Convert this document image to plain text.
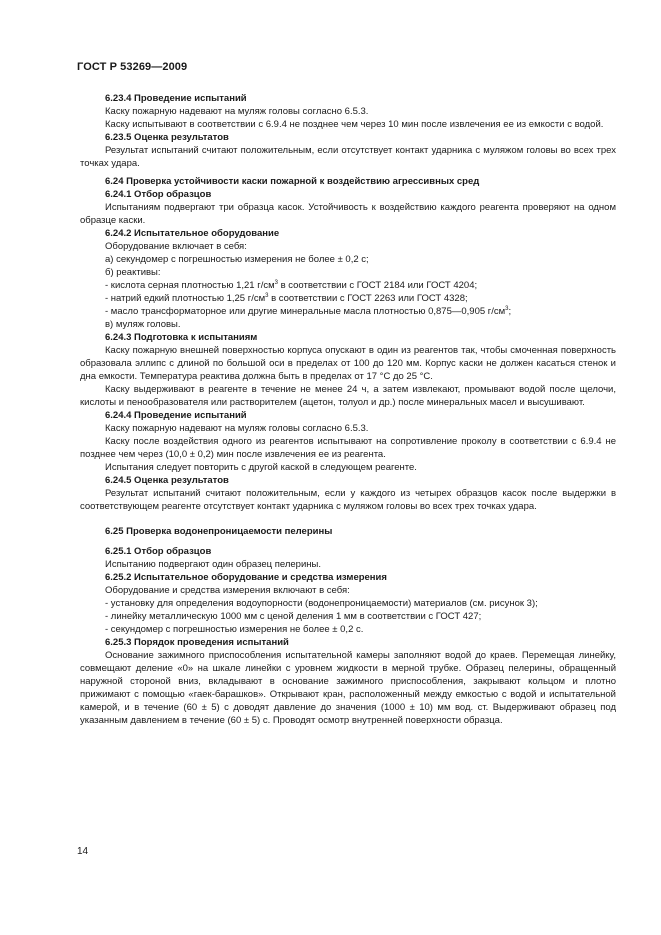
ГОСТ Р 53269—2009

6.23.4 Проведение испытаний

Каску пожарную надевают на муляж головы согласно 6.5.3.

Каску испытывают в соответствии с 6.9.4 не позднее чем через 10 мин после извлечения ее из емкости с водой.

6.23.5 Оценка результатов

Результат испытаний считают положительным, если отсутствует контакт ударника с муляжом головы во всех трех точках удара.

6.24 Проверка устойчивости каски пожарной к воздействию агрессивных сред

6.24.1 Отбор образцов

Испытаниям подвергают три образца касок. Устойчивость к воздействию каждого реагента проверяют на одном образце каски.

6.24.2 Испытательное оборудование

Оборудование включает в себя:

а) секундомер с погрешностью измерения не более ± 0,2 с;

б) реактивы:

- кислота серная плотностью 1,21 $г/см^3$ в соответствии с ГОСТ 2184 или ГОСТ 4204;

- натрий едкий плотностью 1,25 $г/см^3$ в соответствии с ГОСТ 2263 или ГОСТ 4328;

- масло трансформаторное или другие минеральные масла плотностью 0,875—0,905 $г/см^3$;

в) муляж головы.

6.24.3 Подготовка к испытаниям

Каску пожарную внешней поверхностью корпуса опускают в один из реагентов так, чтобы смоченная поверхность образовала эллипс с длиной по большой оси в пределах от 100 до 120 мм. Корпус каски не должен касаться стенок и дна емкости. Температура реактива должна быть в пределах от 17 °С до 25 °С.

Каску выдерживают в реагенте в течение не менее 24 ч, а затем извлекают, промывают водой после щелочи, кислоты и пенообразователя или растворителем (ацетон, толуол и др.) после минеральных масел и высушивают.

6.24.4 Проведение испытаний

Каску пожарную надевают на муляж головы согласно 6.5.3.

Каску после воздействия одного из реагентов испытывают на сопротивление проколу в соответствии с 6.9.4 не позднее чем через (10,0 ± 0,2) мин после извлечения ее из реагента.

Испытания следует повторить с другой каской в следующем реагенте.

6.24.5 Оценка результатов

Результат испытаний считают положительным, если у каждого из четырех образцов касок после выдержки в соответствующем реагенте отсутствует контакт ударника с муляжом головы во всех трех точках удара.

6.25 Проверка водонепроницаемости пелерины

6.25.1 Отбор образцов

Испытанию подвергают один образец пелерины.

6.25.2 Испытательное оборудование и средства измерения

Оборудование и средства измерения включают в себя:

- установку для определения водоупорности (водонепроницаемости) материалов (см. рисунок 3);

- линейку металлическую 1000 мм с ценой деления 1 мм в соответствии с ГОСТ 427;

- секундомер с погрешностью измерения не более ± 0,2 с.

6.25.3 Порядок проведения испытаний

Основание зажимного приспособления испытательной камеры заполняют водой до краев. Перемещая линейку, совмещают деление «0» на шкале линейки с уровнем жидкости в мерной трубке. Образец пелерины, обращенный наружной стороной вниз, вкладывают в основание зажимного приспособления, закрывают кольцом и плотно прижимают с помощью «гаек-барашков». Открывают кран, расположенный между емкостью с водой и испытательной камерой, и в течение (60 ± 5) с доводят давление до значения (1000 ± 10) мм вод. ст. Выдерживают образец под указанным давлением в течение (60 ± 5) с. Проводят осмотр внутренней поверхности образца.

14
